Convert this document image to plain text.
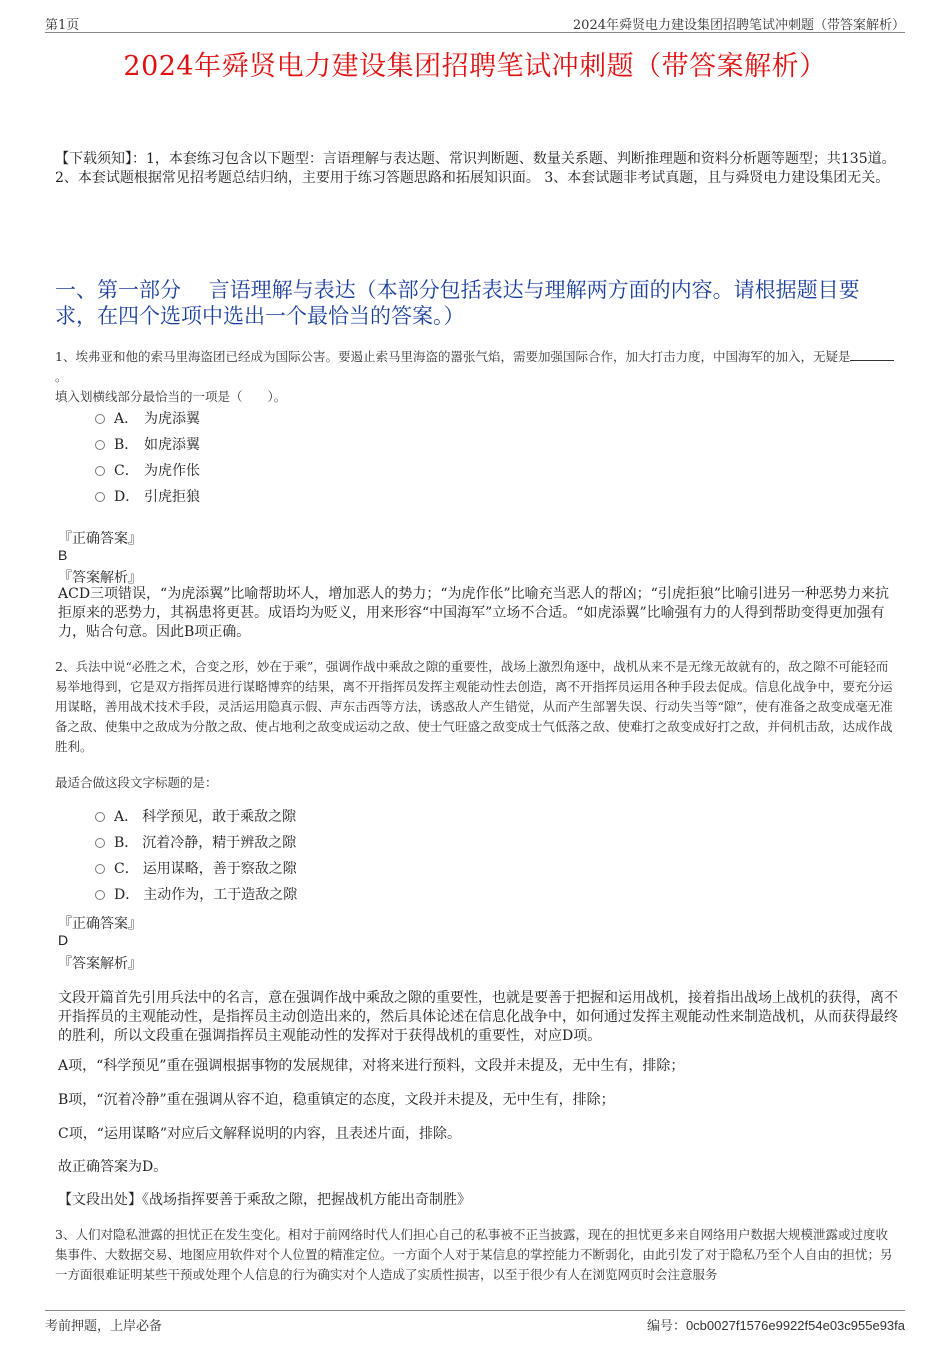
第1页	2024年舜贤电力建设集团招聘笔试冲刺题（带答案解析）
2024年舜贤电力建设集团招聘笔试冲刺题（带答案解析）
【下载须知】：1，本套练习包含以下题型：言语理解与表达题、常识判断题、数量关系题、判断推理题和资料分析题等题型；共135道。 2、本套试题根据常见招考题总结归纳，主要用于练习答题思路和拓展知识面。 3、本套试题非考试真题，且与舜贤电力建设集团无关。
一、第一部分　 言语理解与表达（本部分包括表达与理解两方面的内容。请根据题目要求，在四个选项中选出一个最恰当的答案。）
1、埃弗亚和他的索马里海盗团已经成为国际公害。要遏止索马里海盗的嚣张气焰，需要加强国际合作，加大打击力度，中国海军的加入，无疑是。
填入划横线部分最恰当的一项是（　　）。
A． 为虎添翼
B． 如虎添翼
C． 为虎作伥
D． 引虎拒狼
『正确答案』
B
『答案解析』
ACD三项错误，“为虎添翼”比喻帮助坏人，增加恶人的势力；“为虎作伥”比喻充当恶人的帮凶；“引虎拒狼”比喻引进另一种恶势力来抗拒原来的恶势力，其祸患将更甚。成语均为贬义，用来形容“中国海军”立场不合适。“如虎添翼”比喻强有力的人得到帮助变得更加强有力，贴合句意。因此B项正确。
2、兵法中说“必胜之术，合变之形，妙在于乘”，强调作战中乘敌之隙的重要性，战场上激烈角逐中，战机从来不是无缘无故就有的，敌之隙不可能轻而易举地得到，它是双方指挥员进行谋略博弈的结果，离不开指挥员发挥主观能动性去创造，离不开指挥员运用各种手段去促成。信息化战争中，要充分运用谋略，善用战术技术手段，灵活运用隐真示假、声东击西等方法，诱惑敌人产生错觉，从而产生部署失误、行动失当等“隙”，使有准备之敌变成毫无准备之敌、使集中之敌成为分散之敌、使占地利之敌变成运动之敌、使士气旺盛之敌变成士气低落之敌、使难打之敌变成好打之敌，并伺机击敌，达成作战胜利。
最适合做这段文字标题的是：
A． 科学预见，敢于乘敌之隙
B． 沉着冷静，精于辨敌之隙
C． 运用谋略，善于察敌之隙
D． 主动作为，工于造敌之隙
『正确答案』
D
『答案解析』
文段开篇首先引用兵法中的名言，意在强调作战中乘敌之隙的重要性，也就是要善于把握和运用战机，接着指出战场上战机的获得，离不开指挥员的主观能动性，是指挥员主动创造出来的，然后具体论述在信息化战争中，如何通过发挥主观能动性来制造战机，从而获得最终的胜利，所以文段重在强调指挥员主观能动性的发挥对于获得战机的重要性，对应D项。
A项，“科学预见”重在强调根据事物的发展规律，对将来进行预料，文段并未提及，无中生有，排除；
B项，“沉着冷静”重在强调从容不迫，稳重镇定的态度，文段并未提及，无中生有，排除；
C项，“运用谋略”对应后文解释说明的内容，且表述片面，排除。
故正确答案为D。
【文段出处】《战场指挥要善于乘敌之隙，把握战机方能出奇制胜》
3、人们对隐私泄露的担忧正在发生变化。相对于前网络时代人们担心自己的私事被不正当披露，现在的担忧更多来自网络用户数据大规模泄露或过度收集事件、大数据交易、地图应用软件对个人位置的精准定位。一方面个人对于某信息的掌控能力不断弱化，由此引发了对于隐私乃至个人自由的担忧；另一方面很难证明某些干预或处理个人信息的行为确实对个人造成了实质性损害，以至于很少有人在浏览网页时会注意服务
考前押题，上岸必备	编号：0cb0027f1576e9922f54e03c955e93fa
